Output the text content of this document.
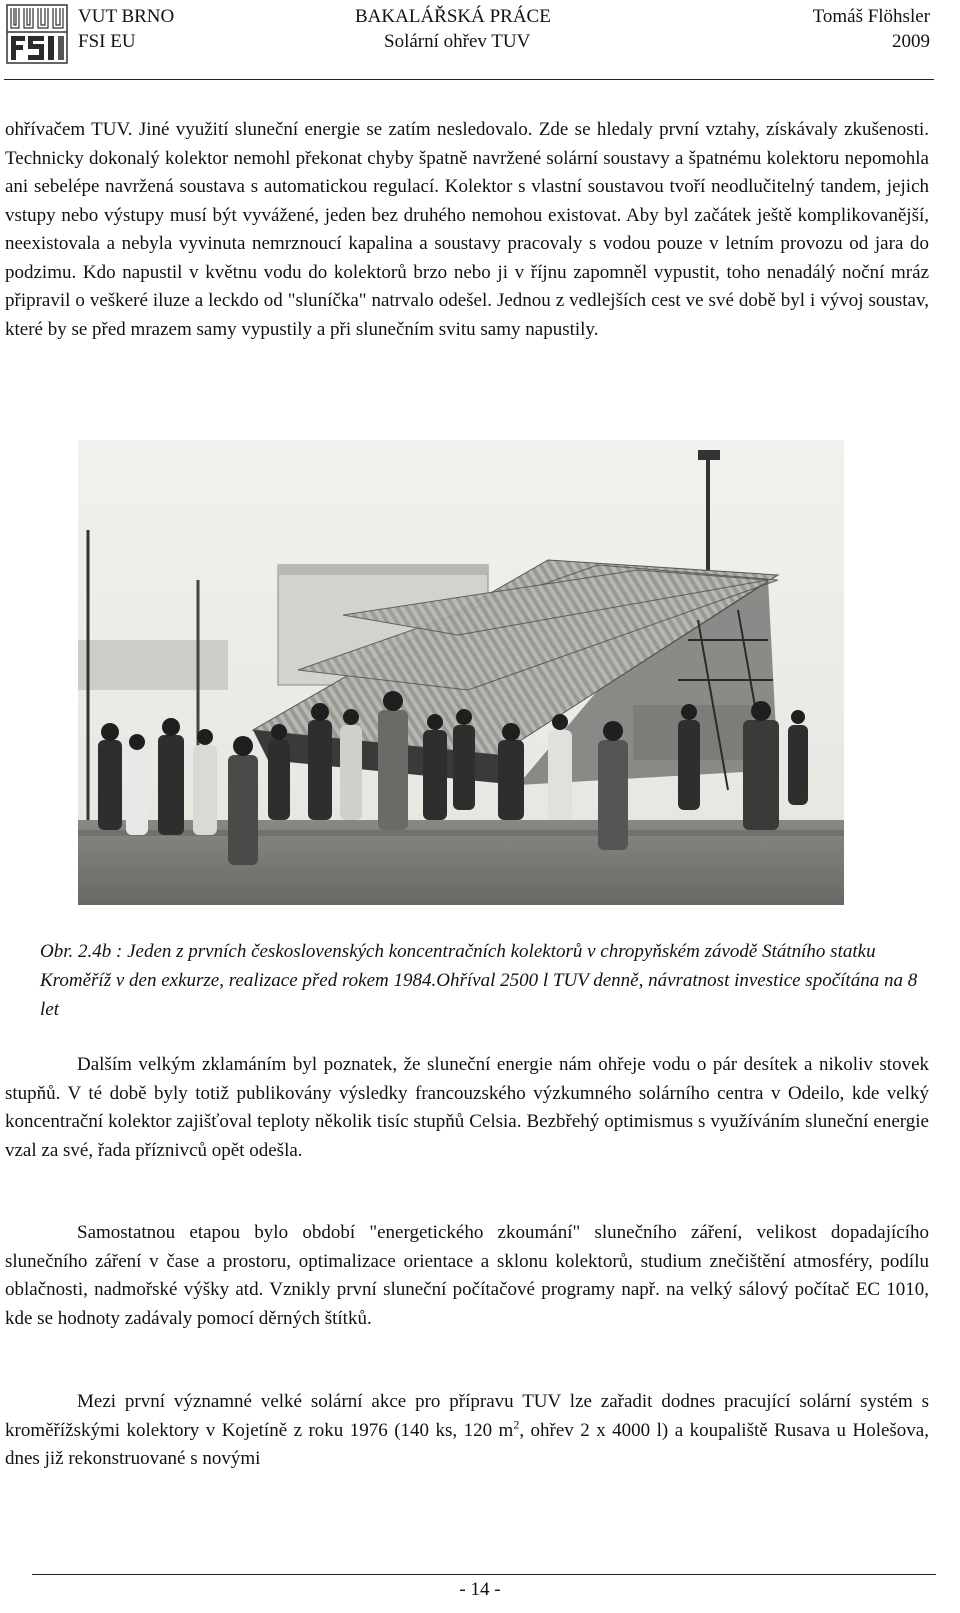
VUT BRNO
FSI EU
BAKALÁŘSKÁ PRÁCE
Solární ohřev TUV
Tomáš Flöhsler
2009

ohřívačem TUV. Jiné využití sluneční energie se zatím nesledovalo. Zde se hledaly první vztahy, získávaly zkušenosti. Technicky dokonalý kolektor nemohl překonat chyby špatně navržené solární soustavy a špatnému kolektoru nepomohla ani sebelépe navržená soustava s automatickou regulací. Kolektor s vlastní soustavou tvoří neodlučitelný tandem, jejich vstupy nebo výstupy musí být vyvážené, jeden bez druhého nemohou existovat. Aby byl začátek ještě komplikovanější, neexistovala a nebyla vyvinuta nemrznoucí kapalina a soustavy pracovaly s vodou pouze v letním provozu od jara do podzimu. Kdo napustil v květnu vodu do kolektorů brzo nebo ji v říjnu zapomněl vypustit, toho nenadálý noční mráz připravil o veškeré iluze a leckdo od "sluníčka" natrvalo odešel. Jednou z vedlejších cest ve své době byl i vývoj soustav, které by se před mrazem samy vypustily a při slunečním svitu samy napustily.

Obr. 2.4b : Jeden z prvních československých koncentračních kolektorů v chropyňském závodě Státního statku Kroměříž v den exkurze, realizace před rokem 1984.Ohříval 2500 l TUV denně, návratnost investice spočítána na 8 let

Dalším velkým zklamáním byl poznatek, že sluneční energie nám ohřeje vodu o pár desítek a nikoliv stovek stupňů. V té době byly totiž publikovány výsledky francouzského výzkumného solárního centra v Odeilo, kde velký koncentrační kolektor zajišťoval teploty několik tisíc stupňů Celsia. Bezbřehý optimismus s využíváním sluneční energie vzal za své, řada příznivců opět odešla.

Samostatnou etapou bylo období "energetického zkoumání" slunečního záření, velikost dopadajícího slunečního záření v čase a prostoru, optimalizace orientace a sklonu kolektorů, studium znečištění atmosféry, podílu oblačnosti, nadmořské výšky atd. Vznikly první sluneční počítačové programy např. na velký sálový počítač EC 1010, kde se hodnoty zadávaly pomocí děrných štítků.

Mezi první významné velké solární akce pro přípravu TUV lze zařadit dodnes pracující solární systém s kroměřížskými kolektory v Kojetíně z roku 1976 (140 ks, 120 $m^2$, ohřev 2 x 4000 l) a koupaliště Rusava u Holešova, dnes již rekonstruované s novými

- 14 -
